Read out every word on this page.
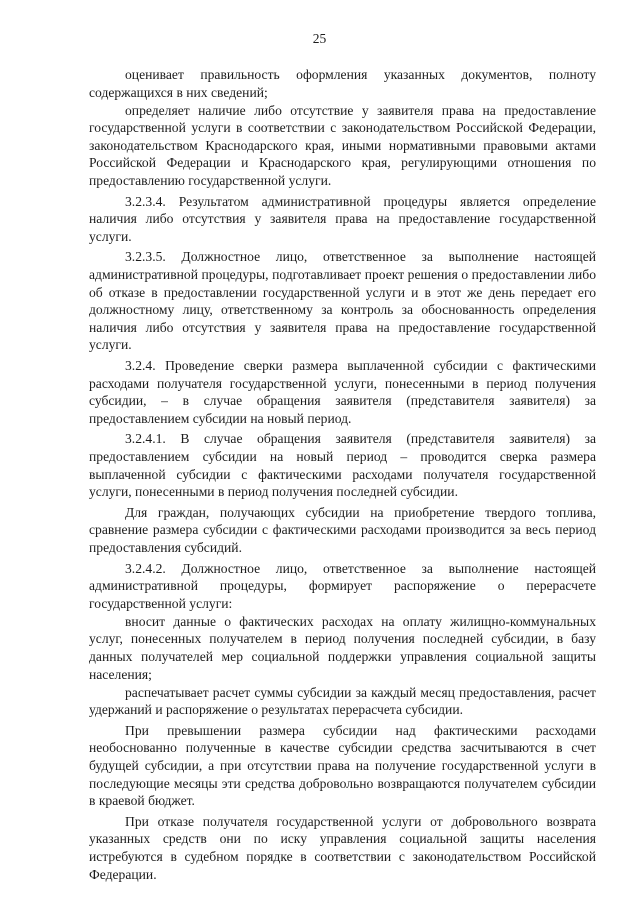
25

оценивает правильность оформления указанных документов, полноту содержащихся в них сведений;

определяет наличие либо отсутствие у заявителя права на предоставление государственной услуги в соответствии с законодательством Российской Федерации, законодательством Краснодарского края, иными нормативными правовыми актами Российской Федерации и Краснодарского края, регулирующими отношения по предоставлению государственной услуги.

3.2.3.4. Результатом административной процедуры является определение наличия либо отсутствия у заявителя права на предоставление государственной услуги.

3.2.3.5. Должностное лицо, ответственное за выполнение настоящей административной процедуры, подготавливает проект решения о предоставлении либо об отказе в предоставлении государственной услуги и в этот же день передает его должностному лицу, ответственному за контроль за обоснованность определения наличия либо отсутствия у заявителя права на предоставление государственной услуги.

3.2.4. Проведение сверки размера выплаченной субсидии с фактическими расходами получателя государственной услуги, понесенными в период получения субсидии, – в случае обращения заявителя (представителя заявителя) за предоставлением субсидии на новый период.

3.2.4.1. В случае обращения заявителя (представителя заявителя) за предоставлением субсидии на новый период – проводится сверка размера выплаченной субсидии с фактическими расходами получателя государственной услуги, понесенными в период получения последней субсидии.

Для граждан, получающих субсидии на приобретение твердого топлива, сравнение размера субсидии с фактическими расходами производится за весь период предоставления субсидий.

3.2.4.2. Должностное лицо, ответственное за выполнение настоящей административной процедуры, формирует распоряжение о перерасчете государственной услуги:

вносит данные о фактических расходах на оплату жилищно-коммунальных услуг, понесенных получателем в период получения последней субсидии, в базу данных получателей мер социальной поддержки управления социальной защиты населения;

распечатывает расчет суммы субсидии за каждый месяц предоставления, расчет удержаний и распоряжение о результатах перерасчета субсидии.

При превышении размера субсидии над фактическими расходами необоснованно полученные в качестве субсидии средства засчитываются в счет будущей субсидии, а при отсутствии права на получение государственной услуги в последующие месяцы эти средства добровольно возвращаются получателем субсидии в краевой бюджет.

При отказе получателя государственной услуги от добровольного возврата указанных средств они по иску управления социальной защиты населения истребуются в судебном порядке в соответствии с законодательством Российской Федерации.
